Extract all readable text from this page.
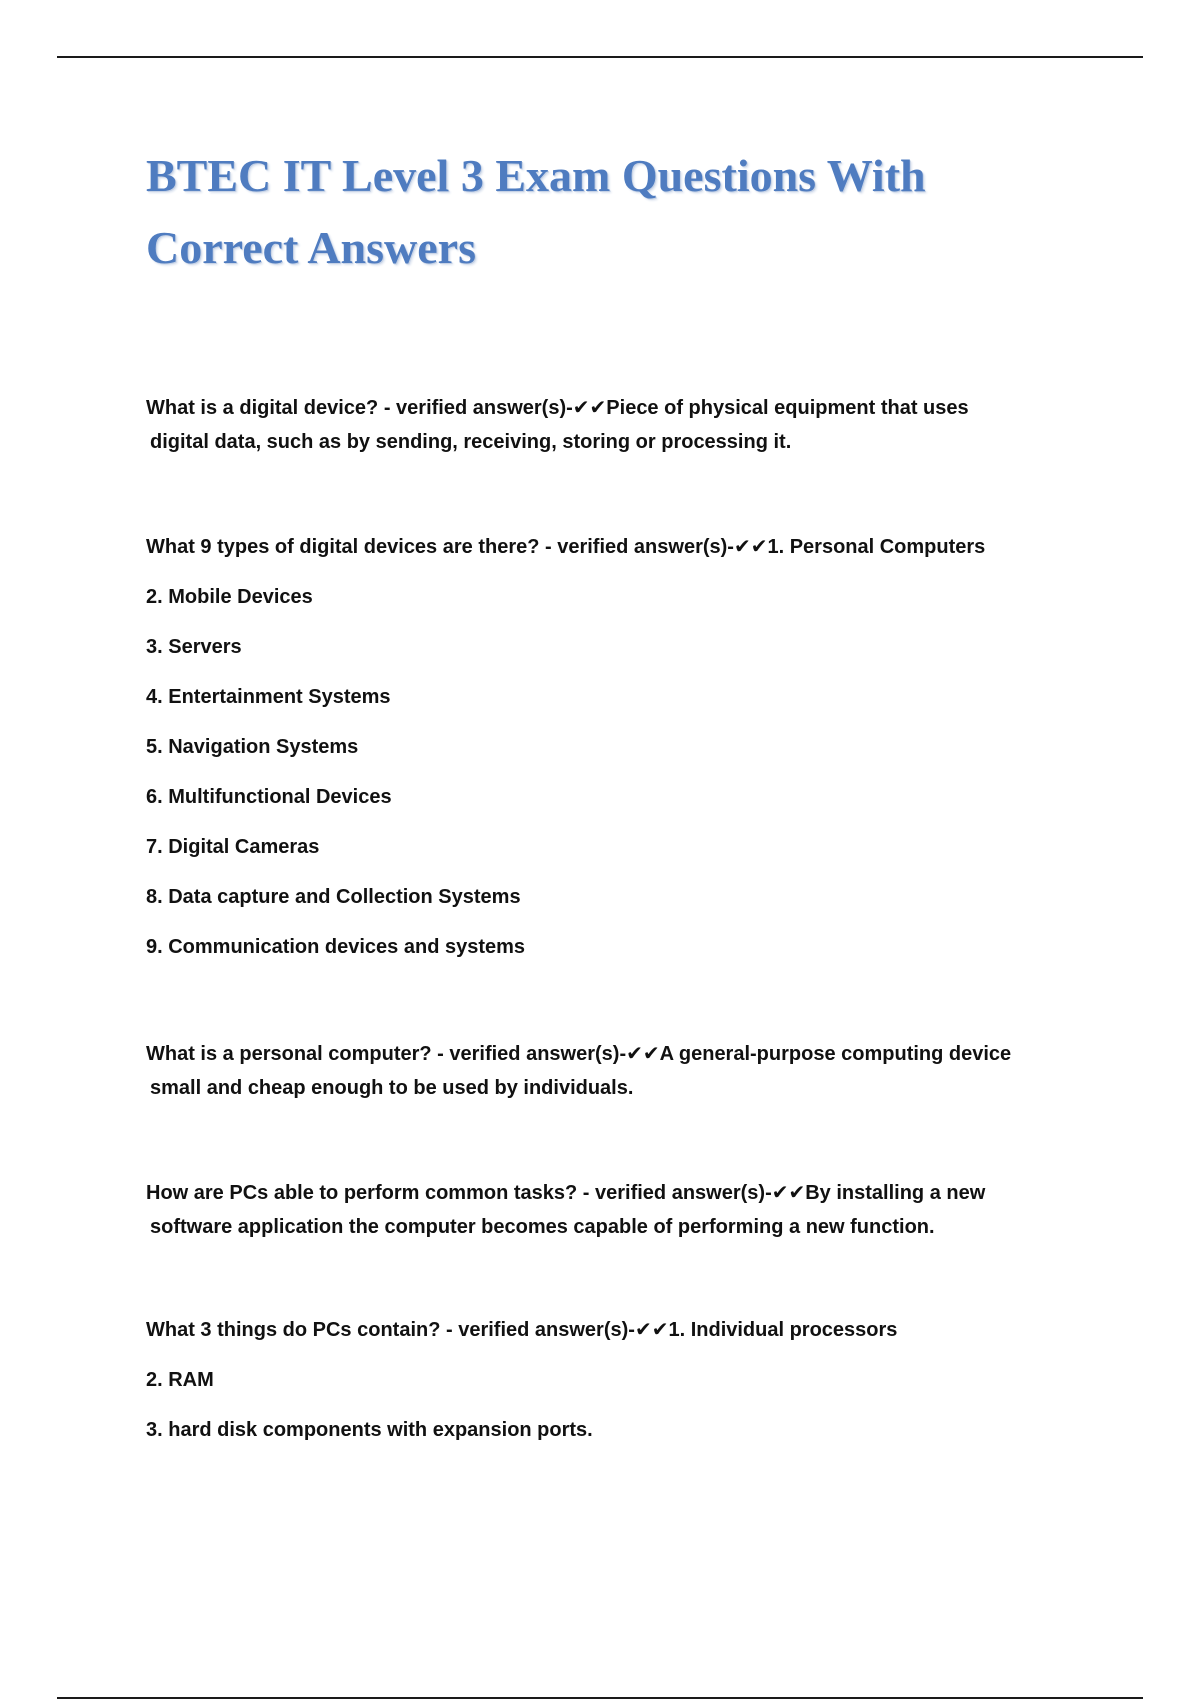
BTEC IT Level 3 Exam Questions With
Correct Answers

What is a digital device? - verified answer(s)-✔✔Piece of physical equipment that uses

digital data, such as by sending, receiving, storing or processing it.

What 9 types of digital devices are there? - verified answer(s)-✔✔1. Personal Computers

2. Mobile Devices

3. Servers

4. Entertainment Systems

5. Navigation Systems

6. Multifunctional Devices

7. Digital Cameras

8. Data capture and Collection Systems

9. Communication devices and systems

What is a personal computer? - verified answer(s)-✔✔A general-purpose computing device

small and cheap enough to be used by individuals.

How are PCs able to perform common tasks? - verified answer(s)-✔✔By installing a new

software application the computer becomes capable of performing a new function.

What 3 things do PCs contain? - verified answer(s)-✔✔1. Individual processors

2. RAM

3. hard disk components with expansion ports.
